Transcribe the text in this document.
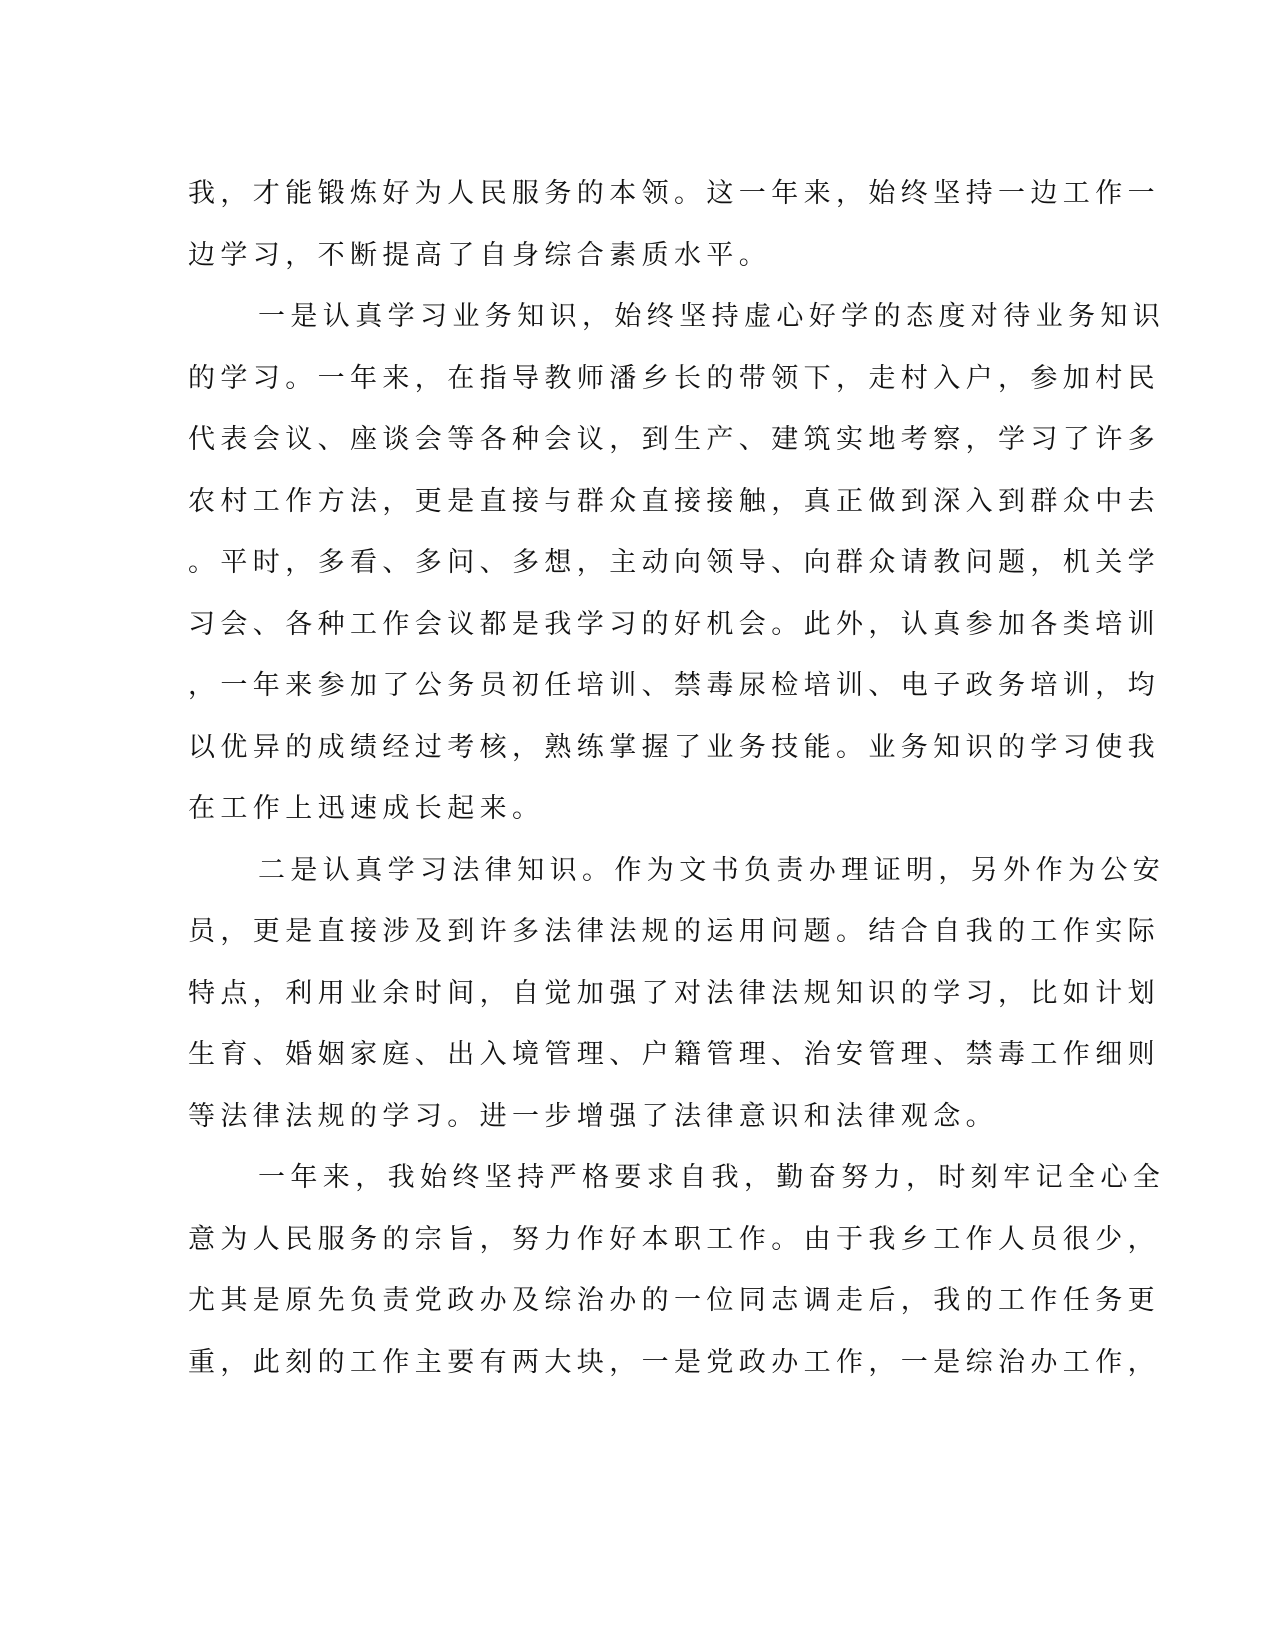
我，才能锻炼好为人民服务的本领。这一年来，始终坚持一边工作一
边学习，不断提高了自身综合素质水平。
一是认真学习业务知识，始终坚持虚心好学的态度对待业务知识
的学习。一年来，在指导教师潘乡长的带领下，走村入户，参加村民
代表会议、座谈会等各种会议，到生产、建筑实地考察，学习了许多
农村工作方法，更是直接与群众直接接触，真正做到深入到群众中去
。平时，多看、多问、多想，主动向领导、向群众请教问题，机关学
习会、各种工作会议都是我学习的好机会。此外，认真参加各类培训
，一年来参加了公务员初任培训、禁毒尿检培训、电子政务培训，均
以优异的成绩经过考核，熟练掌握了业务技能。业务知识的学习使我
在工作上迅速成长起来。
二是认真学习法律知识。作为文书负责办理证明，另外作为公安
员，更是直接涉及到许多法律法规的运用问题。结合自我的工作实际
特点，利用业余时间，自觉加强了对法律法规知识的学习，比如计划
生育、婚姻家庭、出入境管理、户籍管理、治安管理、禁毒工作细则
等法律法规的学习。进一步增强了法律意识和法律观念。
一年来，我始终坚持严格要求自我，勤奋努力，时刻牢记全心全
意为人民服务的宗旨，努力作好本职工作。由于我乡工作人员很少，
尤其是原先负责党政办及综治办的一位同志调走后，我的工作任务更
重，此刻的工作主要有两大块，一是党政办工作，一是综治办工作，
